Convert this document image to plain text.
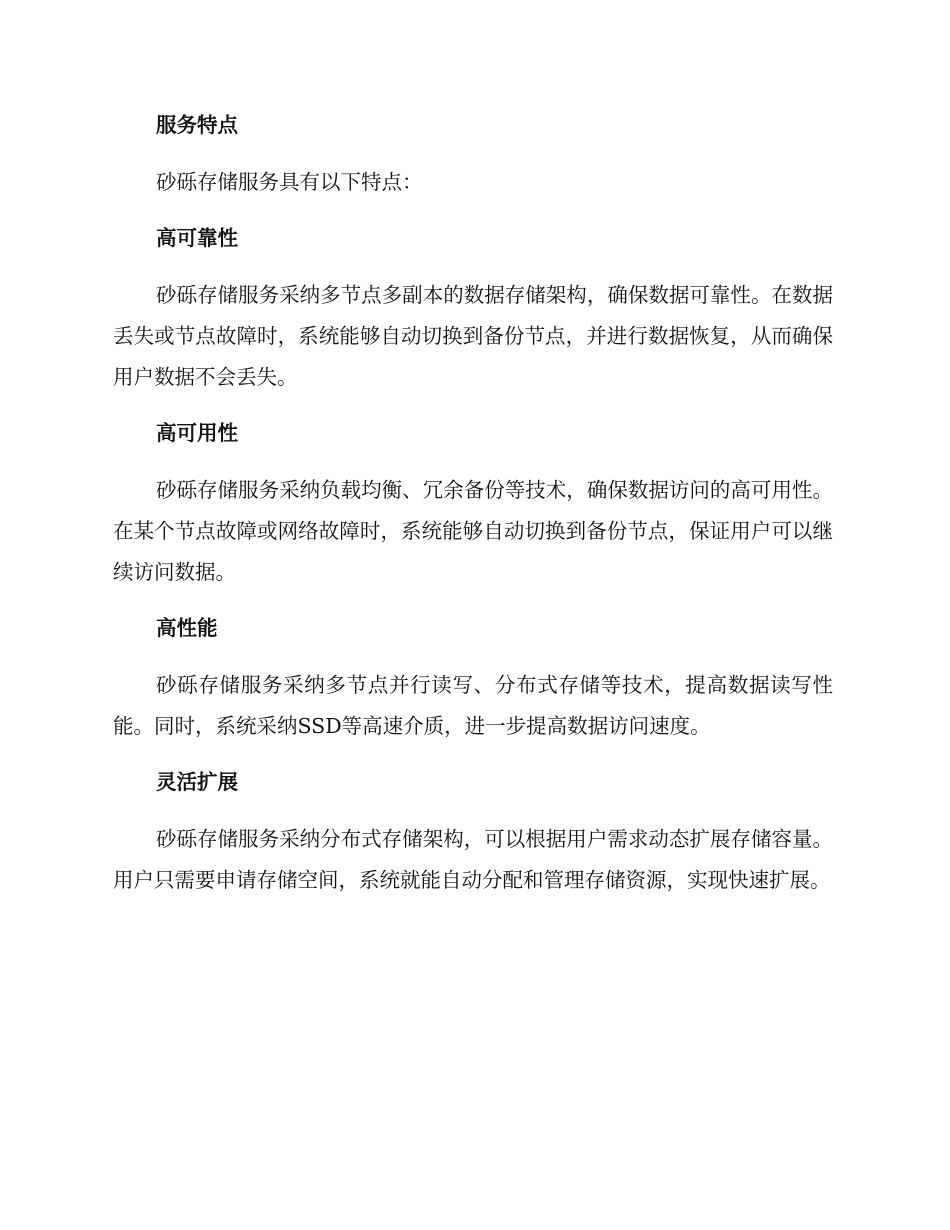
服务特点

砂砾存储服务具有以下特点：

高可靠性

砂砾存储服务采纳多节点多副本的数据存储架构，确保数据可靠性。在数据丢失或节点故障时，系统能够自动切换到备份节点，并进行数据恢复，从而确保用户数据不会丢失。

高可用性

砂砾存储服务采纳负载均衡、冗余备份等技术，确保数据访问的高可用性。在某个节点故障或网络故障时，系统能够自动切换到备份节点，保证用户可以继续访问数据。

高性能

砂砾存储服务采纳多节点并行读写、分布式存储等技术，提高数据读写性能。同时，系统采纳SSD等高速介质，进一步提高数据访问速度。

灵活扩展

砂砾存储服务采纳分布式存储架构，可以根据用户需求动态扩展存储容量。用户只需要申请存储空间，系统就能自动分配和管理存储资源，实现快速扩展。
